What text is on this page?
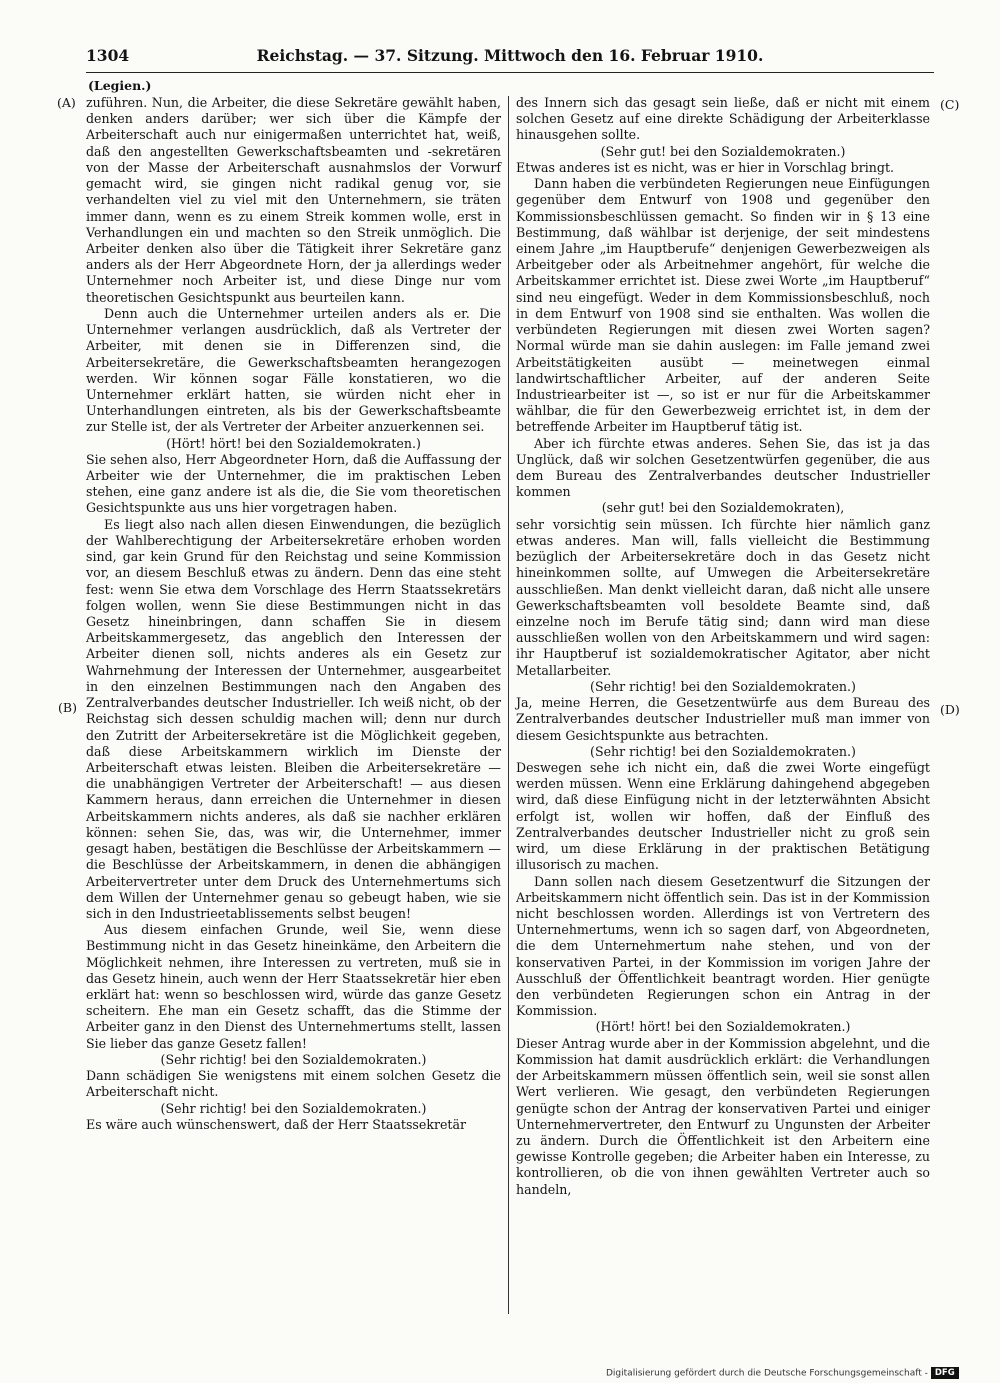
1304	Reichstag. — 37. Sitzung. Mittwoch den 16. Februar 1910.
(Legien.)
(A)
(B)
(C)
(D)

zuführen. Nun, die Arbeiter, die diese Sekretäre gewählt haben, denken anders darüber; wer sich über die Kämpfe der Arbeiterschaft auch nur einigermaßen unterrichtet hat, weiß, daß den angestellten Gewerkschaftsbeamten und -sekretären von der Masse der Arbeiterschaft ausnahmslos der Vorwurf gemacht wird, sie gingen nicht radikal genug vor, sie verhandelten viel zu viel mit den Unternehmern, sie träten immer dann, wenn es zu einem Streik kommen wolle, erst in Verhandlungen ein und machten so den Streik unmöglich. Die Arbeiter denken also über die Tätigkeit ihrer Sekretäre ganz anders als der Herr Abgeordnete Horn, der ja allerdings weder Unternehmer noch Arbeiter ist, und diese Dinge nur vom theoretischen Gesichtspunkt aus beurteilen kann.

Denn auch die Unternehmer urteilen anders als er. Die Unternehmer verlangen ausdrücklich, daß als Vertreter der Arbeiter, mit denen sie in Differenzen sind, die Arbeitersekretäre, die Gewerkschaftsbeamten herangezogen werden. Wir können sogar Fälle konstatieren, wo die Unternehmer erklärt hatten, sie würden nicht eher in Unterhandlungen eintreten, als bis der Gewerkschaftsbeamte zur Stelle ist, der als Vertreter der Arbeiter anzuerkennen sei.

(Hört! hört! bei den Sozialdemokraten.)

Sie sehen also, Herr Abgeordneter Horn, daß die Auffassung der Arbeiter wie der Unternehmer, die im praktischen Leben stehen, eine ganz andere ist als die, die Sie vom theoretischen Gesichtspunkte aus uns hier vorgetragen haben.

Es liegt also nach allen diesen Einwendungen, die bezüglich der Wahlberechtigung der Arbeitersekretäre erhoben worden sind, gar kein Grund für den Reichstag und seine Kommission vor, an diesem Beschluß etwas zu ändern. Denn das eine steht fest: wenn Sie etwa dem Vorschlage des Herrn Staatssekretärs folgen wollen, wenn Sie diese Bestimmungen nicht in das Gesetz hineinbringen, dann schaffen Sie in diesem Arbeitskammergesetz, das angeblich den Interessen der Arbeiter dienen soll, nichts anderes als ein Gesetz zur Wahrnehmung der Interessen der Unternehmer, ausgearbeitet in den einzelnen Bestimmungen nach den Angaben des Zentralverbandes deutscher Industrieller. Ich weiß nicht, ob der Reichstag sich dessen schuldig machen will; denn nur durch den Zutritt der Arbeitersekretäre ist die Möglichkeit gegeben, daß diese Arbeitskammern wirklich im Dienste der Arbeiterschaft etwas leisten. Bleiben die Arbeitersekretäre — die unabhängigen Vertreter der Arbeiterschaft! — aus diesen Kammern heraus, dann erreichen die Unternehmer in diesen Arbeitskammern nichts anderes, als daß sie nachher erklären können: sehen Sie, das, was wir, die Unternehmer, immer gesagt haben, bestätigen die Beschlüsse der Arbeitskammern — die Beschlüsse der Arbeitskammern, in denen die abhängigen Arbeitervertreter unter dem Druck des Unternehmertums sich dem Willen der Unternehmer genau so gebeugt haben, wie sie sich in den Industrieetablissements selbst beugen!

Aus diesem einfachen Grunde, weil Sie, wenn diese Bestimmung nicht in das Gesetz hineinkäme, den Arbeitern die Möglichkeit nehmen, ihre Interessen zu vertreten, muß sie in das Gesetz hinein, auch wenn der Herr Staatssekretär hier eben erklärt hat: wenn so beschlossen wird, würde das ganze Gesetz scheitern. Ehe man ein Gesetz schafft, das die Stimme der Arbeiter ganz in den Dienst des Unternehmertums stellt, lassen Sie lieber das ganze Gesetz fallen!

(Sehr richtig! bei den Sozialdemokraten.)

Dann schädigen Sie wenigstens mit einem solchen Gesetz die Arbeiterschaft nicht.

(Sehr richtig! bei den Sozialdemokraten.)

Es wäre auch wünschenswert, daß der Herr Staatssekretär

des Innern sich das gesagt sein ließe, daß er nicht mit einem solchen Gesetz auf eine direkte Schädigung der Arbeiterklasse hinausgehen sollte.

(Sehr gut! bei den Sozialdemokraten.)

Etwas anderes ist es nicht, was er hier in Vorschlag bringt.

Dann haben die verbündeten Regierungen neue Einfügungen gegenüber dem Entwurf von 1908 und gegenüber den Kommissionsbeschlüssen gemacht. So finden wir in § 13 eine Bestimmung, daß wählbar ist derjenige, der seit mindestens einem Jahre „im Hauptberufe“ denjenigen Gewerbezweigen als Arbeitgeber oder als Arbeitnehmer angehört, für welche die Arbeitskammer errichtet ist. Diese zwei Worte „im Hauptberuf“ sind neu eingefügt. Weder in dem Kommissionsbeschluß, noch in dem Entwurf von 1908 sind sie enthalten. Was wollen die verbündeten Regierungen mit diesen zwei Worten sagen? Normal würde man sie dahin auslegen: im Falle jemand zwei Arbeitstätigkeiten ausübt — meinetwegen einmal landwirtschaftlicher Arbeiter, auf der anderen Seite Industriearbeiter ist —, so ist er nur für die Arbeitskammer wählbar, die für den Gewerbezweig errichtet ist, in dem der betreffende Arbeiter im Hauptberuf tätig ist.

Aber ich fürchte etwas anderes. Sehen Sie, das ist ja das Unglück, daß wir solchen Gesetzentwürfen gegenüber, die aus dem Bureau des Zentralverbandes deutscher Industrieller kommen

(sehr gut! bei den Sozialdemokraten),

sehr vorsichtig sein müssen. Ich fürchte hier nämlich ganz etwas anderes. Man will, falls vielleicht die Bestimmung bezüglich der Arbeitersekretäre doch in das Gesetz nicht hineinkommen sollte, auf Umwegen die Arbeitersekretäre ausschließen. Man denkt vielleicht daran, daß nicht alle unsere Gewerkschaftsbeamten voll besoldete Beamte sind, daß einzelne noch im Berufe tätig sind; dann wird man diese ausschließen wollen von den Arbeitskammern und wird sagen: ihr Hauptberuf ist sozialdemokratischer Agitator, aber nicht Metallarbeiter.

(Sehr richtig! bei den Sozialdemokraten.)

Ja, meine Herren, die Gesetzentwürfe aus dem Bureau des Zentralverbandes deutscher Industrieller muß man immer von diesem Gesichtspunkte aus betrachten.

(Sehr richtig! bei den Sozialdemokraten.)

Deswegen sehe ich nicht ein, daß die zwei Worte eingefügt werden müssen. Wenn eine Erklärung dahingehend abgegeben wird, daß diese Einfügung nicht in der letzterwähnten Absicht erfolgt ist, wollen wir hoffen, daß der Einfluß des Zentralverbandes deutscher Industrieller nicht zu groß sein wird, um diese Erklärung in der praktischen Betätigung illusorisch zu machen.

Dann sollen nach diesem Gesetzentwurf die Sitzungen der Arbeitskammern nicht öffentlich sein. Das ist in der Kommission nicht beschlossen worden. Allerdings ist von Vertretern des Unternehmertums, wenn ich so sagen darf, von Abgeordneten, die dem Unternehmertum nahe stehen, und von der konservativen Partei, in der Kommission im vorigen Jahre der Ausschluß der Öffentlichkeit beantragt worden. Hier genügte den verbündeten Regierungen schon ein Antrag in der Kommission.

(Hört! hört! bei den Sozialdemokraten.)

Dieser Antrag wurde aber in der Kommission abgelehnt, und die Kommission hat damit ausdrücklich erklärt: die Verhandlungen der Arbeitskammern müssen öffentlich sein, weil sie sonst allen Wert verlieren. Wie gesagt, den verbündeten Regierungen genügte schon der Antrag der konservativen Partei und einiger Unternehmervertreter, den Entwurf zu Ungunsten der Arbeiter zu ändern. Durch die Öffentlichkeit ist den Arbeitern eine gewisse Kontrolle gegeben; die Arbeiter haben ein Interesse, zu kontrollieren, ob die von ihnen gewählten Vertreter auch so handeln,

Digitalisierung gefördert durch die Deutsche Forschungsgemeinschaft - DFG
